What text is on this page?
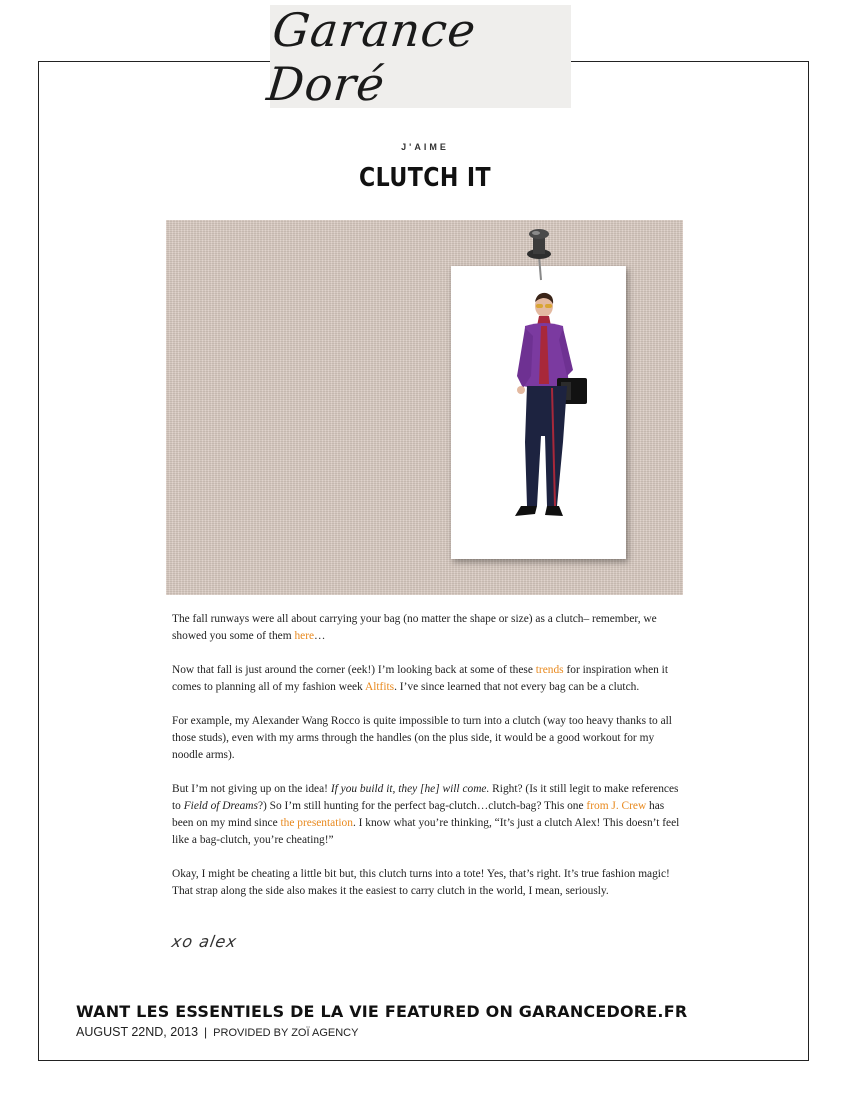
Garance Doré
J'AIME
CLUTCH IT

The fall runways were all about carrying your bag (no matter the shape or size) as a clutch– remember, we showed you some of them here…

Now that fall is just around the corner (eek!) I’m looking back at some of these trends for inspiration when it comes to planning all of my fashion week Altfits. I’ve since learned that not every bag can be a clutch.

For example, my Alexander Wang Rocco is quite impossible to turn into a clutch (way too heavy thanks to all those studs), even with my arms through the handles (on the plus side, it would be a good workout for my noodle arms).

But I’m not giving up on the idea! If you build it, they [he] will come. Right? (Is it still legit to make references to Field of Dreams?) So I’m still hunting for the perfect bag-clutch…clutch-bag? This one from J. Crew has been on my mind since the presentation. I know what you’re thinking, “It’s just a clutch Alex! This doesn’t feel like a bag-clutch, you’re cheating!”

Okay, I might be cheating a little bit but, this clutch turns into a tote! Yes, that’s right. It’s true fashion magic! That strap along the side also makes it the easiest to carry clutch in the world, I mean, seriously.

xo alex
WANT LES ESSENTIELS DE LA VIE FEATURED ON GARANCEDORE.FR
AUGUST 22ND, 2013 | PROVIDED BY ZOÏ AGENCY
